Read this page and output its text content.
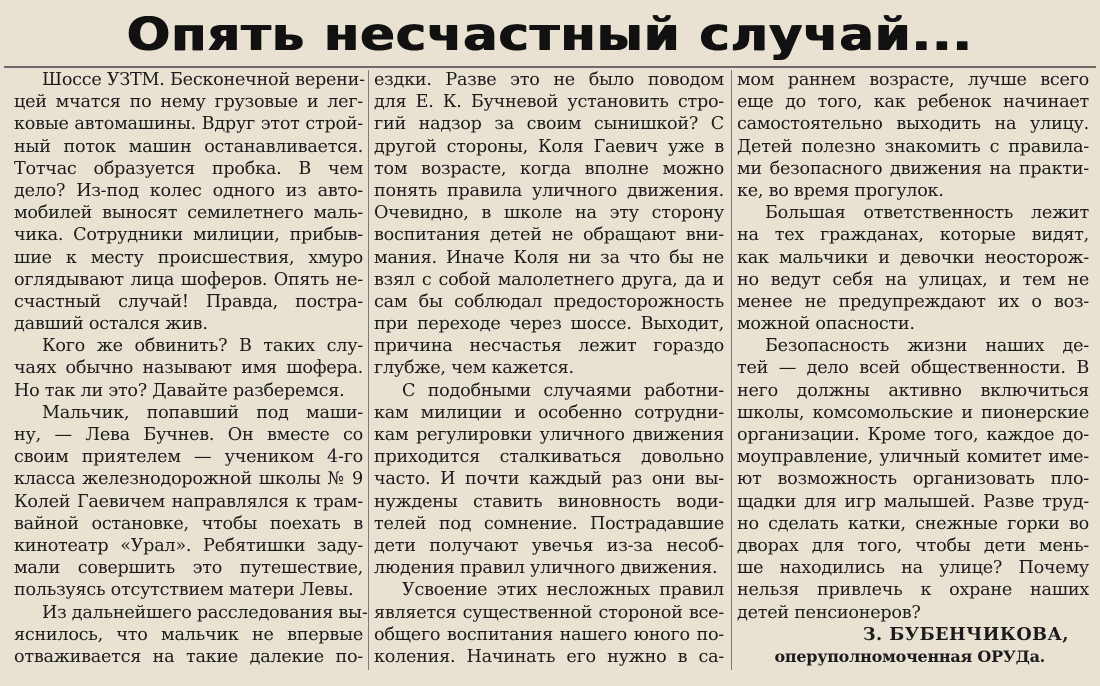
Опять несчастный случай...
Шоссе УЗТМ. Бесконечной верени-
цей мчатся по нему грузовые и лег-
ковые автомашины. Вдруг этот строй-
ный поток машин останавливается.
Тотчас образуется пробка. В чем
дело? Из-под колес одного из авто-
мобилей выносят семилетнего маль-
чика. Сотрудники милиции, прибыв-
шие к месту происшествия, хмуро
оглядывают лица шоферов. Опять не-
счастный случай! Правда, постра-
давший остался жив.
Кого же обвинить? В таких слу-
чаях обычно называют имя шофера.
Но так ли это? Давайте разберемся.
Мальчик, попавший под маши-
ну, — Лева Бучнев. Он вместе со
своим приятелем — учеником 4-го
класса железнодорожной школы № 9
Колей Гаевичем направлялся к трам-
вайной остановке, чтобы поехать в
кинотеатр «Урал». Ребятишки заду-
мали совершить это путешествие,
пользуясь отсутствием матери Левы.
Из дальнейшего расследования вы-
яснилось, что мальчик не впервые
отваживается на такие далекие по-
ездки. Разве это не было поводом
для Е. К. Бучневой установить стро-
гий надзор за своим сынишкой? С
другой стороны, Коля Гаевич уже в
том возрасте, когда вполне можно
понять правила уличного движения.
Очевидно, в школе на эту сторону
воспитания детей не обращают вни-
мания. Иначе Коля ни за что бы не
взял с собой малолетнего друга, да и
сам бы соблюдал предосторожность
при переходе через шоссе. Выходит,
причина несчастья лежит гораздо
глубже, чем кажется.
С подобными случаями работни-
кам милиции и особенно сотрудни-
кам регулировки уличного движения
приходится сталкиваться довольно
часто. И почти каждый раз они вы-
нуждены ставить виновность води-
телей под сомнение. Пострадавшие
дети получают увечья из-за несоб-
людения правил уличного движения.
Усвоение этих несложных правил
является существенной стороной все-
общего воспитания нашего юного по-
коления. Начинать его нужно в са-
мом раннем возрасте, лучше всего
еще до того, как ребенок начинает
самостоятельно выходить на улицу.
Детей полезно знакомить с правила-
ми безопасного движения на практи-
ке, во время прогулок.
Большая ответственность лежит
на тех гражданах, которые видят,
как мальчики и девочки неосторож-
но ведут себя на улицах, и тем не
менее не предупреждают их о воз-
можной опасности.
Безопасность жизни наших де-
тей — дело всей общественности. В
него должны активно включиться
школы, комсомольские и пионерские
организации. Кроме того, каждое до-
моуправление, уличный комитет име-
ют возможность организовать пло-
щадки для игр малышей. Разве труд-
но сделать катки, снежные горки во
дворах для того, чтобы дети мень-
ше находились на улице? Почему
нельзя привлечь к охране наших
детей пенсионеров?
З. БУБЕНЧИКОВА,
оперуполномоченная ОРУДа.
